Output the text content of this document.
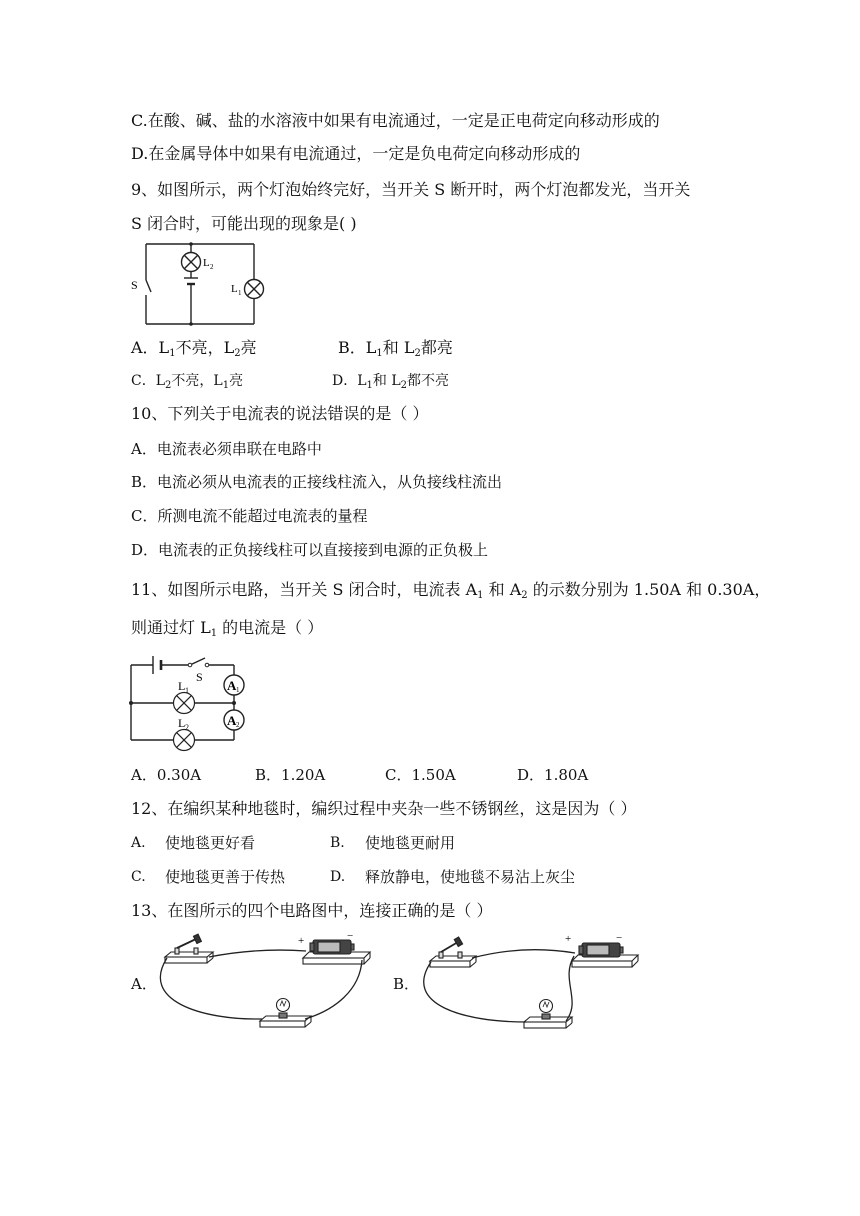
C.在酸、碱、盐的水溶液中如果有电流通过，一定是正电荷定向移动形成的
D.在金属导体中如果有电流通过，一定是负电荷定向移动形成的
9、如图所示，两个灯泡始终完好，当开关 S 断开时，两个灯泡都发光，当开关
S 闭合时，可能出现的现象是( )
S
L 2
L 1
A．$L_1$不亮，$L_2$亮	B．$L_1$和 $L_2$都亮
C．$L_2$不亮，$L_1$亮	D．$L_1$和 $L_2$都不亮
10、下列关于电流表的说法错误的是（ ）
A．电流表必须串联在电路中
B．电流必须从电流表的正接线柱流入，从负接线柱流出
C．所测电流不能超过电流表的量程
D．电流表的正负接线柱可以直接接到电源的正负极上
11、如图所示电路，当开关 S 闭合时，电流表 $A_1$ 和 $A_2$ 的示数分别为 1.50A 和 0.30A，
则通过灯 $L_1$ 的电流是（ ）
A 1
A 2
S
L 1
L 2
A．0.30A	B．1.20A	C．1.50A	D．1.80A
12、在编织某种地毯时，编织过程中夹杂一些不锈钢丝，这是因为（ ）
A. 使地毯更好看	B. 使地毯更耐用
C. 使地毯更善于传热	D. 释放静电，使地毯不易沾上灰尘
13、在图所示的四个电路图中，连接正确的是（ ）
A．	B．
+	−	+	−
